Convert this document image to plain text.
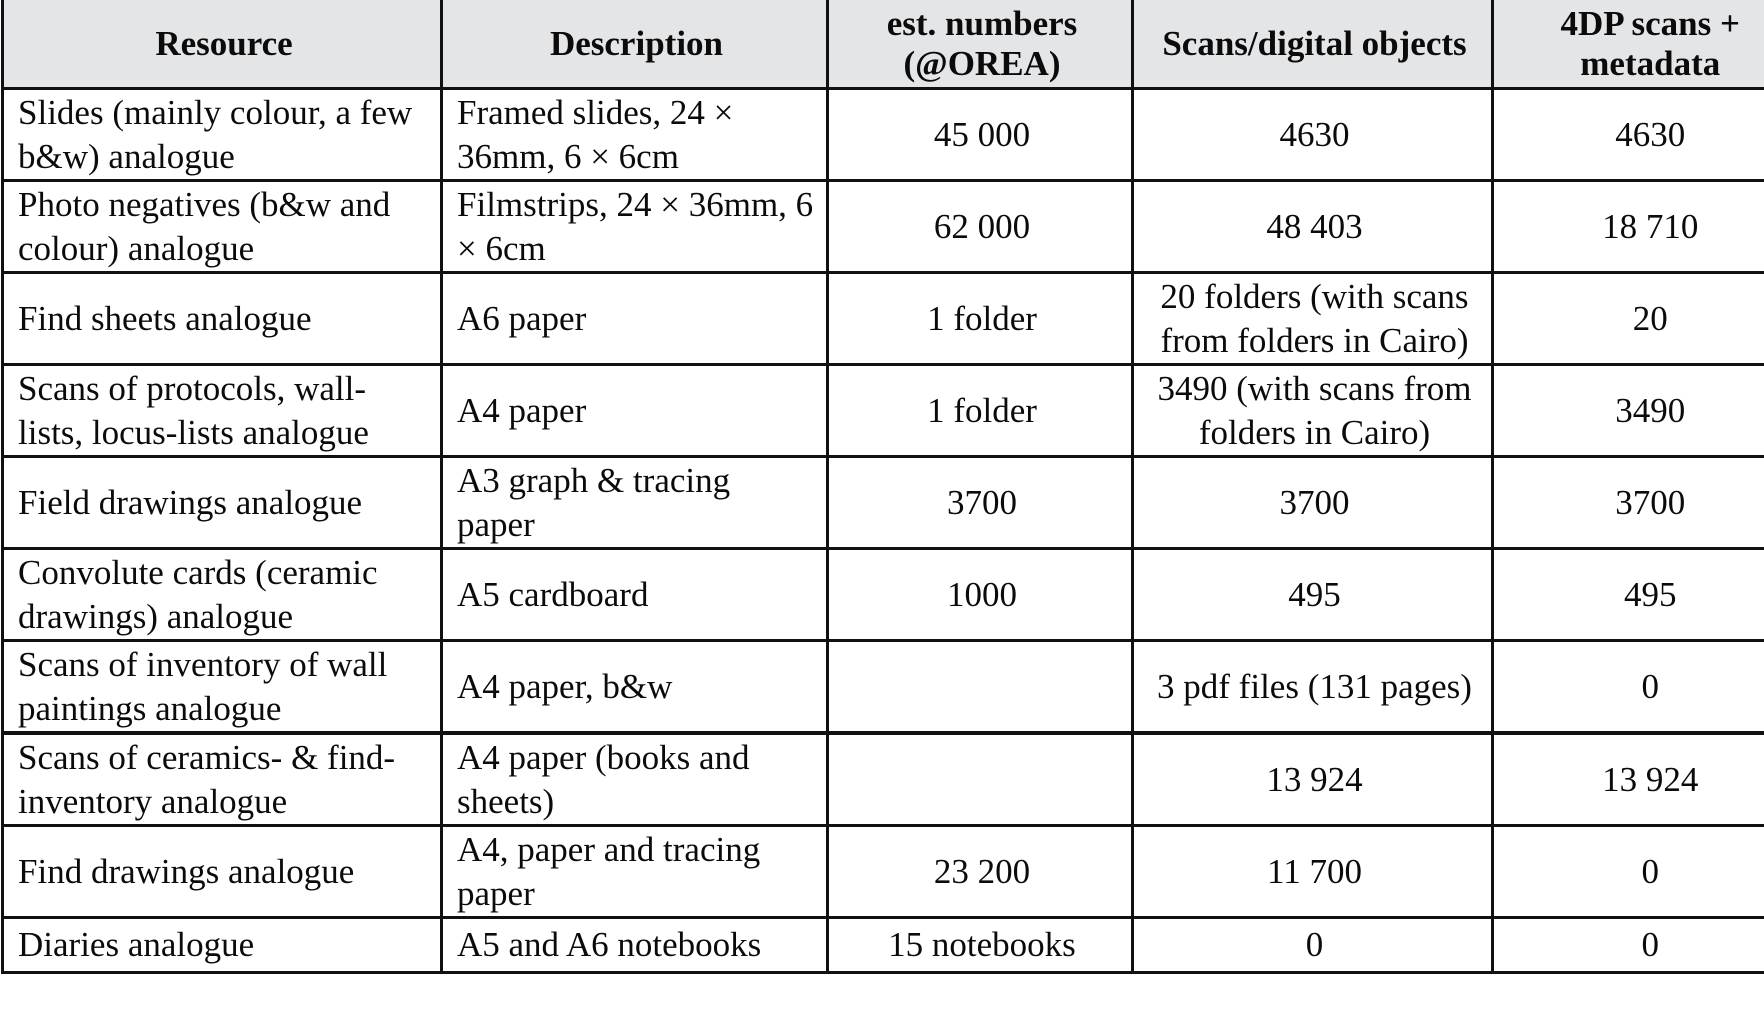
Resource	Description	est. numbers (@OREA)	Scans/digital objects	4DP scans + metadata
Slides (mainly colour, a few b&w) analogue	Framed slides, 24 × 36mm, 6 × 6cm	45 000	4630	4630
Photo negatives (b&w and colour) analogue	Filmstrips, 24 × 36mm, 6 × 6cm	62 000	48 403	18 710
Find sheets analogue	A6 paper	1 folder	20 folders (with scans from folders in Cairo)	20
Scans of protocols, wall-lists, locus-lists analogue	A4 paper	1 folder	3490 (with scans from folders in Cairo)	3490
Field drawings analogue	A3 graph & tracing paper	3700	3700	3700
Convolute cards (ceramic drawings) analogue	A5 cardboard	1000	495	495
Scans of inventory of wall paintings analogue	A4 paper, b&w		3 pdf files (131 pages)	0
Scans of ceramics- & find-inventory analogue	A4 paper (books and sheets)		13 924	13 924
Find drawings analogue	A4, paper and tracing paper	23 200	11 700	0
Diaries analogue	A5 and A6 notebooks	15 notebooks	0	0
